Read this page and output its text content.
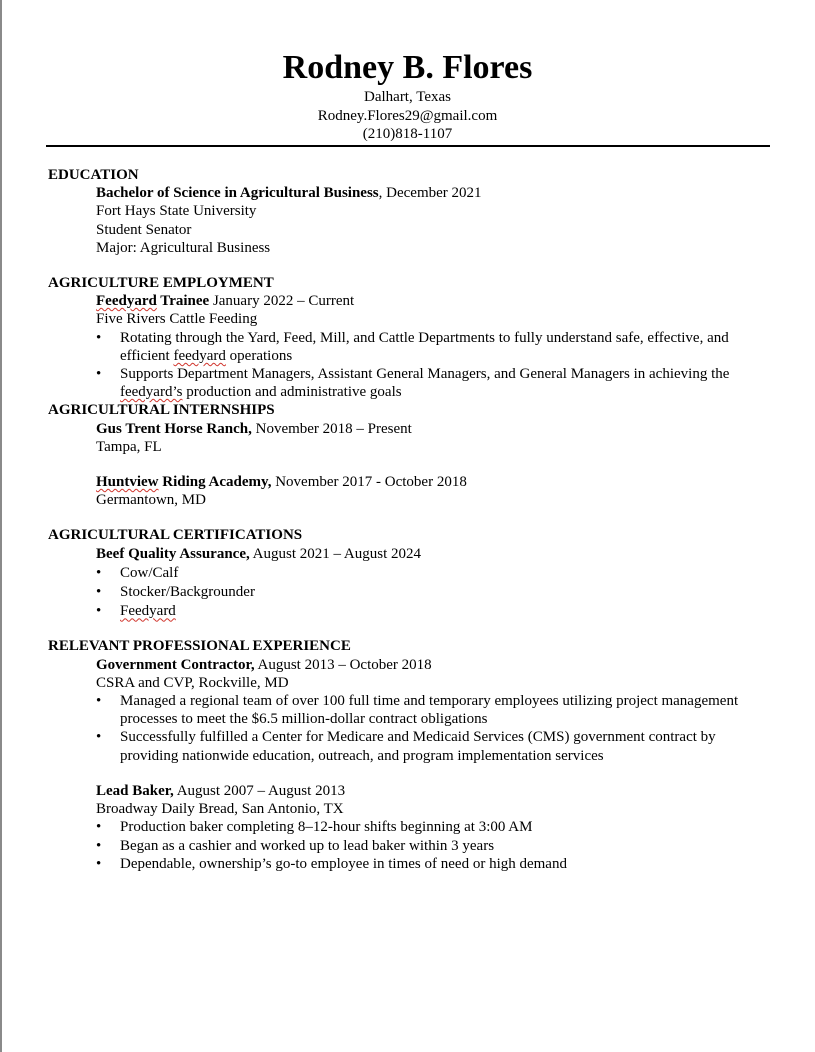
Rodney B. Flores
Dalhart, Texas
Rodney.Flores29@gmail.com
(210)818-1107
EDUCATION
Bachelor of Science in Agricultural Business, December 2021
Fort Hays State University
Student Senator
Major: Agricultural Business
AGRICULTURE EMPLOYMENT
Feedyard Trainee January 2022 – Current
Five Rivers Cattle Feeding
•	Rotating through the Yard, Feed, Mill, and Cattle Departments to fully understand safe, effective, and efficient feedyard operations
•	Supports Department Managers, Assistant General Managers, and General Managers in achieving the feedyard’s production and administrative goals
AGRICULTURAL INTERNSHIPS
Gus Trent Horse Ranch, November 2018 – Present
Tampa, FL
Huntview Riding Academy, November 2017 - October 2018
Germantown, MD
AGRICULTURAL CERTIFICATIONS
Beef Quality Assurance, August 2021 – August 2024
•	Cow/Calf
•	Stocker/Backgrounder
•	Feedyard
RELEVANT PROFESSIONAL EXPERIENCE
Government Contractor, August 2013 – October 2018
CSRA and CVP, Rockville, MD
•	Managed a regional team of over 100 full time and temporary employees utilizing project management processes to meet the $6.5 million-dollar contract obligations
•	Successfully fulfilled a Center for Medicare and Medicaid Services (CMS) government contract by providing nationwide education, outreach, and program implementation services
Lead Baker, August 2007 – August 2013
Broadway Daily Bread, San Antonio, TX
•	Production baker completing 8–12-hour shifts beginning at 3:00 AM
•	Began as a cashier and worked up to lead baker within 3 years
•	Dependable, ownership’s go-to employee in times of need or high demand
